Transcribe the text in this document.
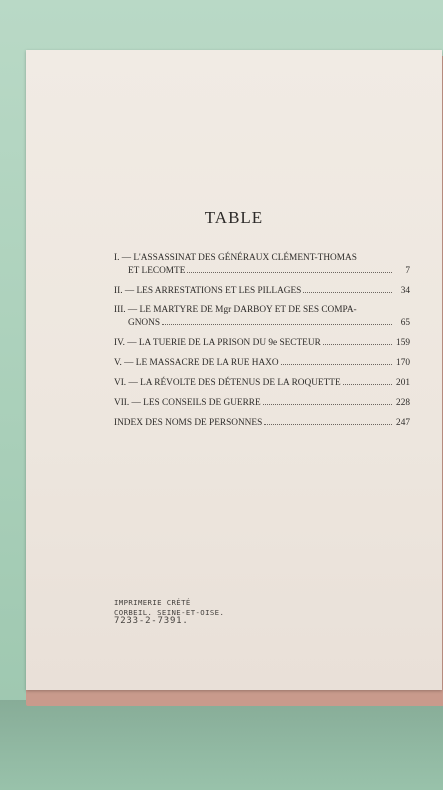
TABLE
I. — L'ASSASSINAT DES GÉNÉRAUX CLÉMENT-THOMAS
ET LECOMTE	7
II. — LES ARRESTATIONS ET LES PILLAGES	34
III. — LE MARTYRE DE Mgr DARBOY ET DE SES COMPA-
GNONS	65
IV. — LA TUERIE DE LA PRISON DU 9e SECTEUR	159
V. — LE MASSACRE DE LA RUE HAXO	170
VI. — LA RÉVOLTE DES DÉTENUS DE LA ROQUETTE	201
VII. — LES CONSEILS DE GUERRE	228
INDEX DES NOMS DE PERSONNES	247
IMPRIMERIE CRÉTÉ
CORBEIL. SEINE-ET-OISE.
7233-2-7391.
